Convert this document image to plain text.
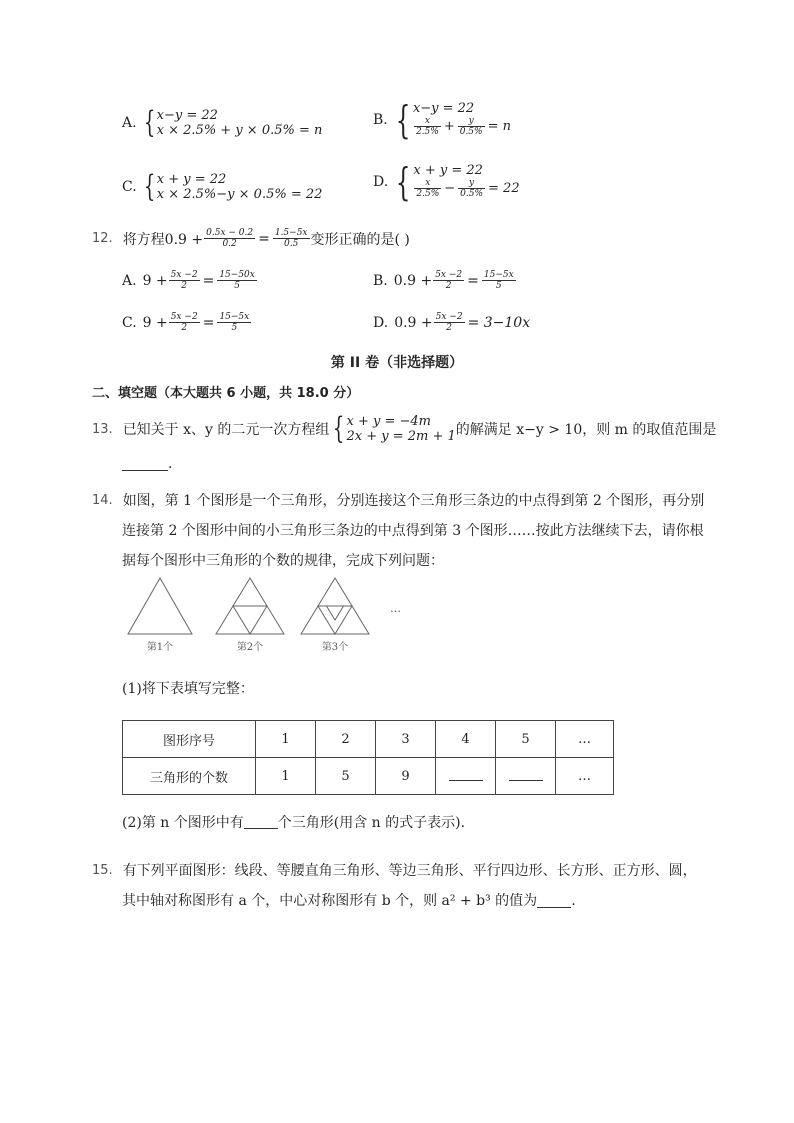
A. { x−y = 22
x × 2.5% + y × 0.5% = n
B. { x−y = 22
$\frac{x}{2.5\%} + \frac{y}{0.5\%} = n$
C. { x + y = 22
x × 2.5%−y × 0.5% = 22
D. { x + y = 22
$\frac{x}{2.5\%} - \frac{y}{0.5\%} = 22$
12. 将方程$0.9 + \frac{0.5x - 0.2}{0.2} = \frac{1.5-5x}{0.5}$ 变形正确的是( )
A. $9 + \frac{5x -2}{2} = \frac{15-50x}{5}$	B. $0.9 + \frac{5x -2}{2} = \frac{15-5x}{5}$
C. $9 + \frac{5x -2}{2} = \frac{15-5x}{5}$	D. $0.9 + \frac{5x -2}{2} = 3-10x$
第 II 卷（非选择题）
二、填空题（本大题共 6 小题，共 18.0 分）
13. 已知关于 x、y 的二元一次方程组 { x + y = −4m
2x + y = 2m + 1 的解满足 x−y > 10，则 m 的取值范围是
.
14. 如图，第 1 个图形是一个三角形，分别连接这个三角形三条边的中点得到第 2 个图形，再分别
连接第 2 个图形中间的小三角形三条边的中点得到第 3 个图形……按此方法继续下去，请你根
据每个图形中三角形的个数的规律，完成下列问题：
第1个	第2个	第3个
…
(1)将下表填写完整：
图形序号	1	2	3	4	5	…
三角形的个数	1	5	9			…
(2)第 n 个图形中有 个三角形(用含 n 的式子表示).
15. 有下列平面图形：线段、等腰直角三角形、等边三角形、平行四边形、长方形、正方形、圆，
其中轴对称图形有 a 个，中心对称图形有 b 个，则 a² + b³ 的值为 .
